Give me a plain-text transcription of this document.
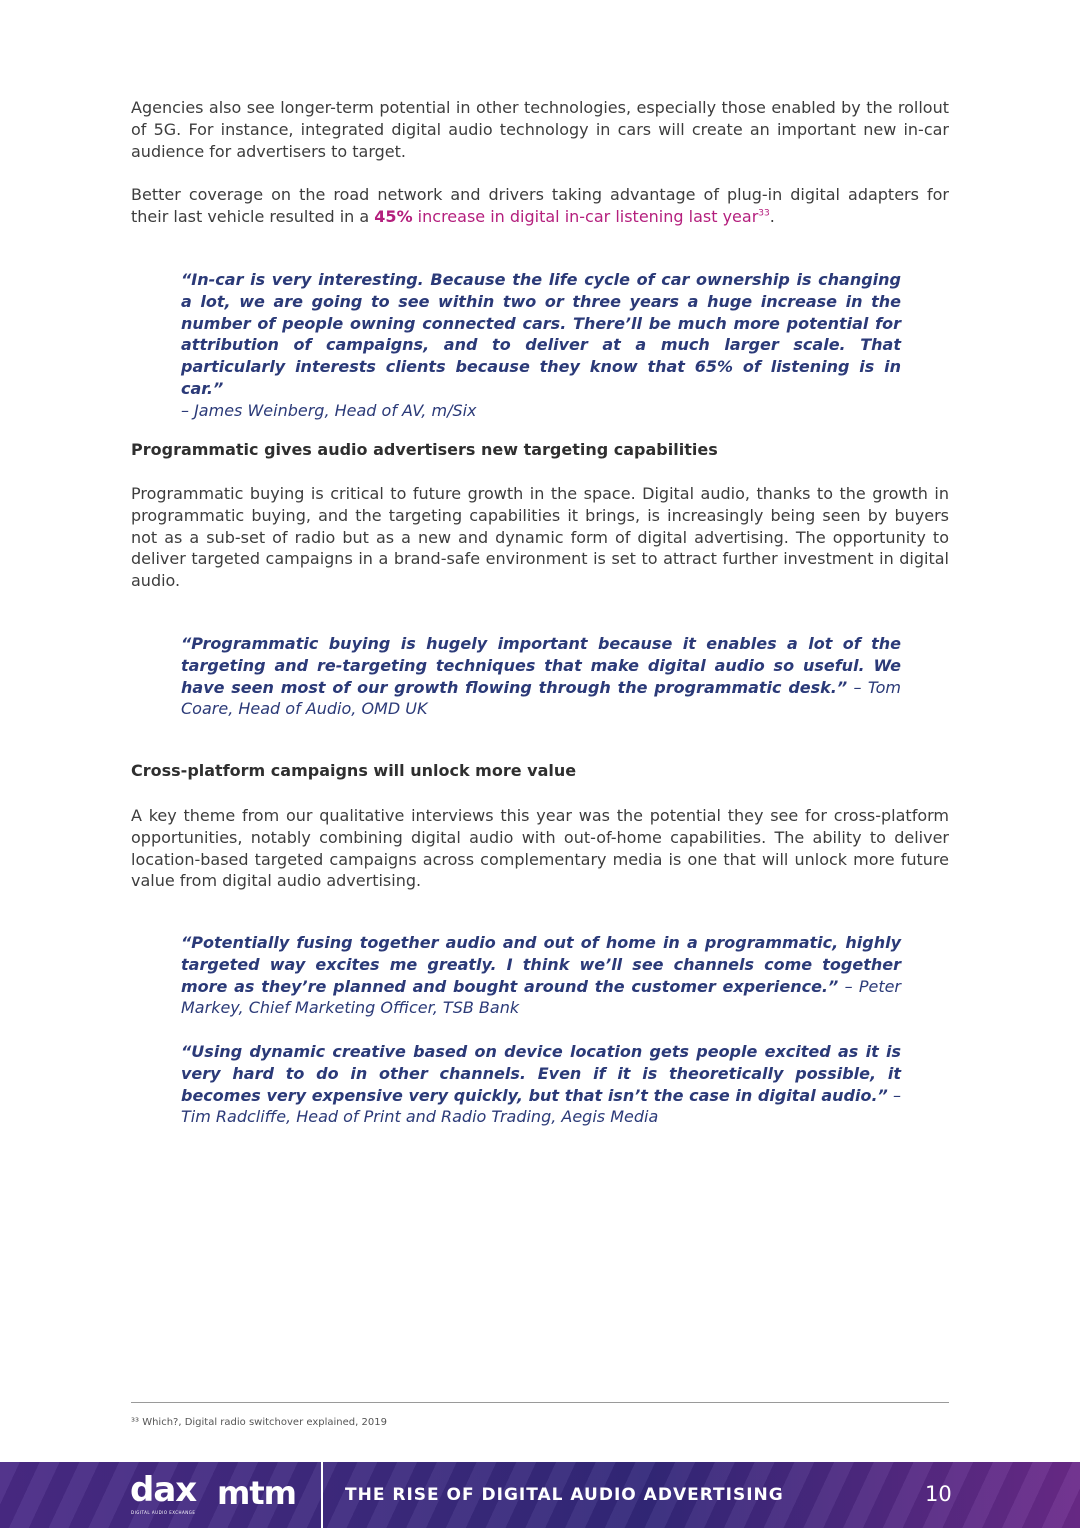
Agencies also see longer-term potential in other technologies, especially those enabled by the rollout of 5G. For instance, integrated digital audio technology in cars will create an important new in-car audience for advertisers to target.

Better coverage on the road network and drivers taking advantage of plug-in digital adapters for their last vehicle resulted in a 45% increase in digital in-car listening last year$^{33}$.

“In-car is very interesting. Because the life cycle of car ownership is changing a lot, we are going to see within two or three years a huge increase in the number of people owning connected cars. There’ll be much more potential for attribution of campaigns, and to deliver at a much larger scale. That particularly interests clients because they know that 65% of listening is in car.”
– James Weinberg, Head of AV, m/Six

Programmatic gives audio advertisers new targeting capabilities

Programmatic buying is critical to future growth in the space. Digital audio, thanks to the growth in programmatic buying, and the targeting capabilities it brings, is increasingly being seen by buyers not as a sub-set of radio but as a new and dynamic form of digital advertising. The opportunity to deliver targeted campaigns in a brand-safe environment is set to attract further investment in digital audio.

“Programmatic buying is hugely important because it enables a lot of the targeting and re-targeting techniques that make digital audio so useful. We have seen most of our growth flowing through the programmatic desk.” – Tom Coare, Head of Audio, OMD UK

Cross-platform campaigns will unlock more value

A key theme from our qualitative interviews this year was the potential they see for cross-platform opportunities, notably combining digital audio with out-of-home capabilities. The ability to deliver location-based targeted campaigns across complementary media is one that will unlock more future value from digital audio advertising.

“Potentially fusing together audio and out of home in a programmatic, highly targeted way excites me greatly. I think we’ll see channels come together more as they’re planned and bought around the customer experience.” – Peter Markey, Chief Marketing Officer, TSB Bank

“Using dynamic creative based on device location gets people excited as it is very hard to do in other channels. Even if it is theoretically possible, it becomes very expensive very quickly, but that isn’t the case in digital audio.” – Tim Radcliffe, Head of Print and Radio Trading, Aegis Media

³³ Which?, Digital radio switchover explained, 2019

dax
DIGITAL AUDIO EXCHANGE
mtm	THE RISE OF DIGITAL AUDIO ADVERTISING	10
